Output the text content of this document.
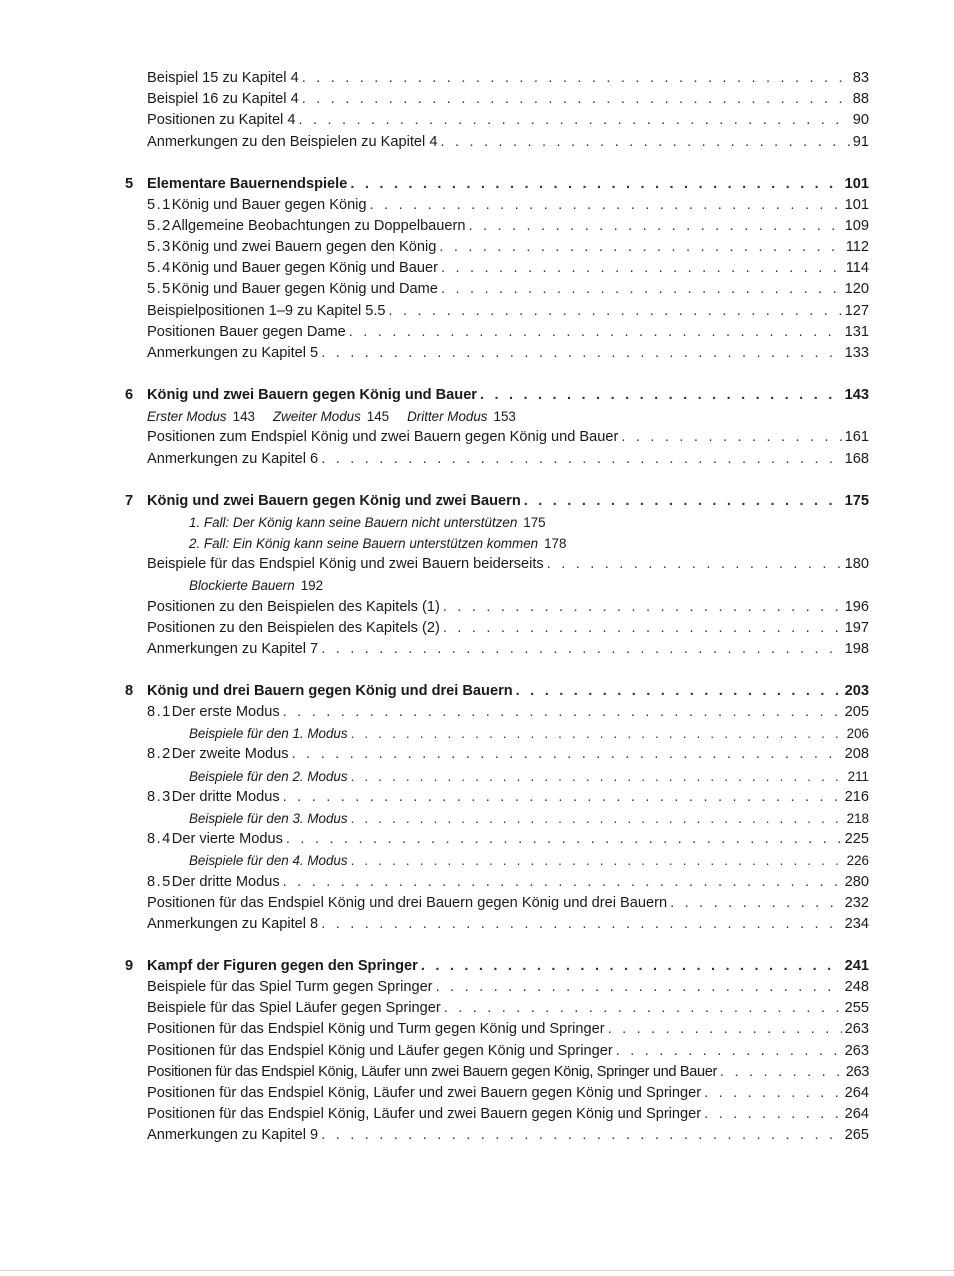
Beispiel 15 zu Kapitel 4 . . .	83
Beispiel 16 zu Kapitel 4 . . .	88
Positionen zu Kapitel 4 . . .	90
Anmerkungen zu den Beispielen zu Kapitel 4 . . .	91
5 Elementare Bauernendspiele . . .	101
5.1 König und Bauer gegen König . . .	101
5.2 Allgemeine Beobachtungen zu Doppelbauern . . .	109
5.3 König und zwei Bauern gegen den König . . .	112
5.4 König und Bauer gegen König und Bauer . . .	114
5.5 König und Bauer gegen König und Dame . . .	120
Beispielpositionen 1–9 zu Kapitel 5.5 . . .	127
Positionen Bauer gegen Dame . . .	131
Anmerkungen zu Kapitel 5 . . .	133
6 König und zwei Bauern gegen König und Bauer . . .	143
Erster Modus 143 Zweiter Modus 145 Dritter Modus 153
Positionen zum Endspiel König und zwei Bauern gegen König und Bauer . . .	161
Anmerkungen zu Kapitel 6 . . .	168
7 König und zwei Bauern gegen König und zwei Bauern . . .	175
1. Fall: Der König kann seine Bauern nicht unterstützen 175
2. Fall: Ein König kann seine Bauern unterstützen kommen 178
Beispiele für das Endspiel König und zwei Bauern beiderseits . . .	180
Blockierte Bauern 192
Positionen zu den Beispielen des Kapitels (1) . . .	196
Positionen zu den Beispielen des Kapitels (2) . . .	197
Anmerkungen zu Kapitel 7 . . .	198
8 König und drei Bauern gegen König und drei Bauern . . .	203
8.1 Der erste Modus . . .	205
Beispiele für den 1. Modus . . .	206
8.2 Der zweite Modus . . .	208
Beispiele für den 2. Modus . . .	211
8.3 Der dritte Modus . . .	216
Beispiele für den 3. Modus . . .	218
8.4 Der vierte Modus . . .	225
Beispiele für den 4. Modus . . .	226
8.5 Der dritte Modus . . .	280
Positionen für das Endspiel König und drei Bauern gegen König und drei Bauern . . .	232
Anmerkungen zu Kapitel 8 . . .	234
9 Kampf der Figuren gegen den Springer . . .	241
Beispiele für das Spiel Turm gegen Springer . . .	248
Beispiele für das Spiel Läufer gegen Springer . . .	255
Positionen für das Endspiel König und Turm gegen König und Springer . . .	263
Positionen für das Endspiel König und Läufer gegen König und Springer . . .	263
Positionen für das Endspiel König, Läufer unn zwei Bauern gegen König, Springer und Bauer . . .	263
Positionen für das Endspiel König, Läufer und zwei Bauern gegen König und Springer . . .	264
Positionen für das Endspiel König, Läufer und zwei Bauern gegen König und Springer . . .	264
Anmerkungen zu Kapitel 9 . . .	265
